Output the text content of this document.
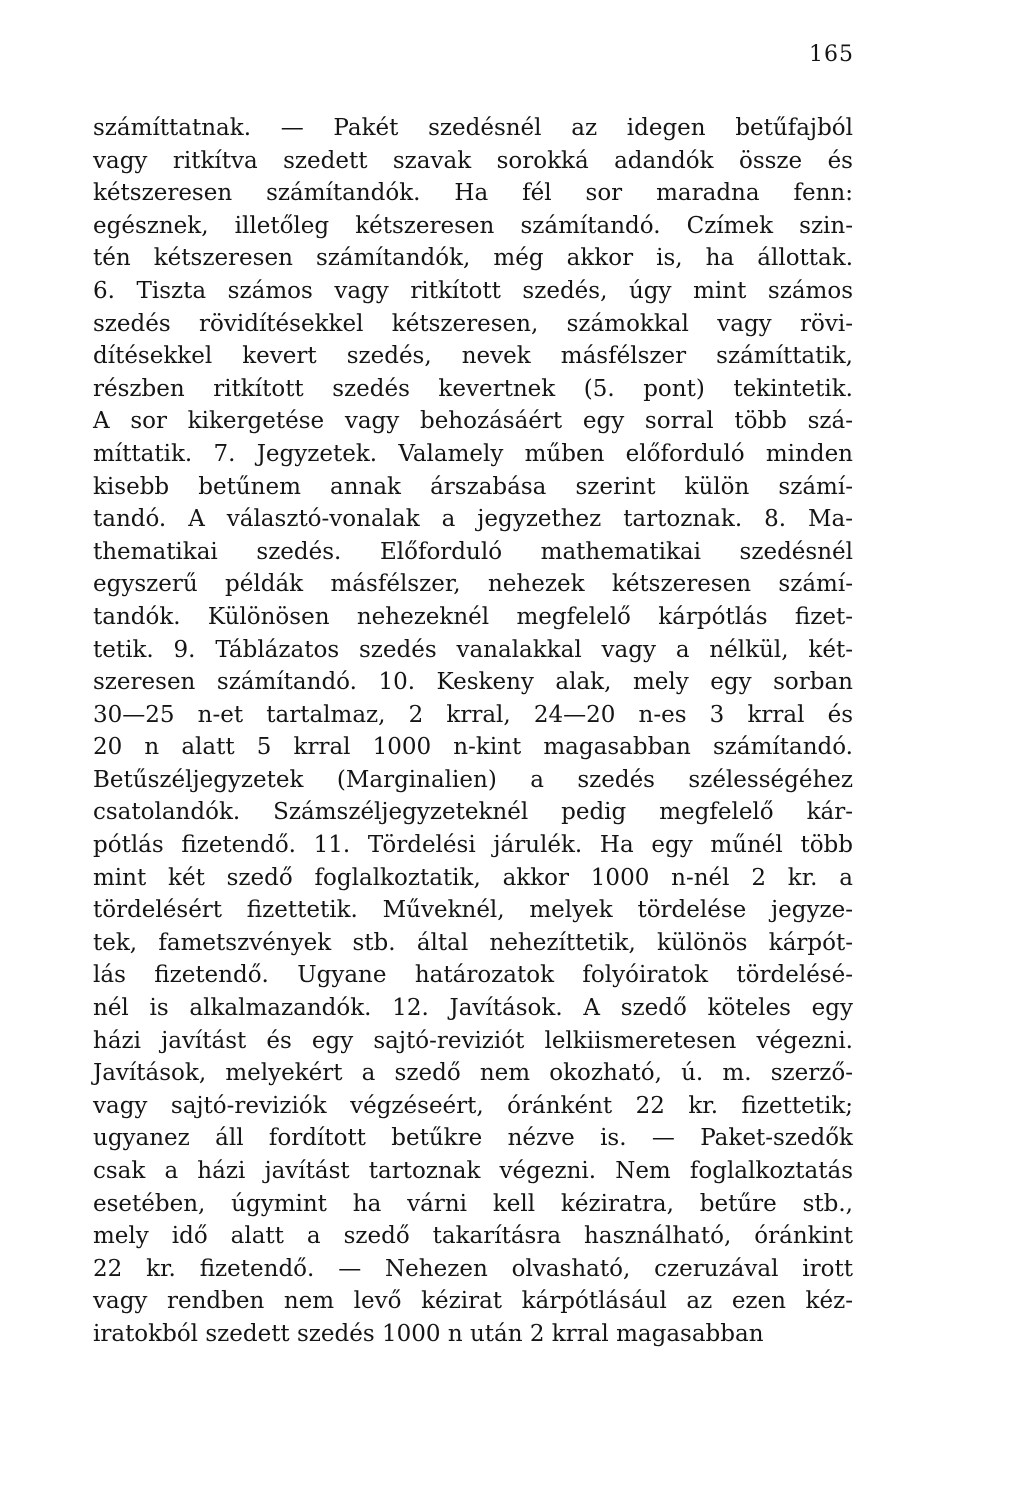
165
számíttatnak. — Pakét szedésnél az idegen betűfajból
vagy ritkítva szedett szavak sorokká adandók össze és
kétszeresen számítandók. Ha fél sor maradna fenn:
egésznek, illetőleg kétszeresen számítandó. Czímek szin-
tén kétszeresen számítandók, még akkor is, ha állottak.
6. Tiszta számos vagy ritkított szedés, úgy mint számos
szedés rövidítésekkel kétszeresen, számokkal vagy rövi-
dítésekkel kevert szedés, nevek másfélszer számíttatik,
részben ritkított szedés kevertnek (5. pont) tekintetik.
A sor kikergetése vagy behozásáért egy sorral több szá-
míttatik. 7. Jegyzetek. Valamely műben előforduló minden
kisebb betűnem annak árszabása szerint külön számí-
tandó. A választó-vonalak a jegyzethez tartoznak. 8. Ma-
thematikai szedés. Előforduló mathematikai szedésnél
egyszerű példák másfélszer, nehezek kétszeresen számí-
tandók. Különösen nehezeknél megfelelő kárpótlás fizet-
tetik. 9. Táblázatos szedés vanalakkal vagy a nélkül, két-
szeresen számítandó. 10. Keskeny alak, mely egy sorban
30—25 n-et tartalmaz, 2 krral, 24—20 n-es 3 krral és
20 n alatt 5 krral 1000 n-kint magasabban számítandó.
Betűszéljegyzetek (Marginalien) a szedés szélességéhez
csatolandók. Számszéljegyzeteknél pedig megfelelő kár-
pótlás fizetendő. 11. Tördelési járulék. Ha egy műnél több
mint két szedő foglalkoztatik, akkor 1000 n-nél 2 kr. a
tördelésért fizettetik. Műveknél, melyek tördelése jegyze-
tek, fametszvények stb. által nehezíttetik, különös kárpót-
lás fizetendő. Ugyane határozatok folyóiratok tördelésé-
nél is alkalmazandók. 12. Javítások. A szedő köteles egy
házi javítást és egy sajtó-reviziót lelkiismeretesen végezni.
Javítások, melyekért a szedő nem okozható, ú. m. szerző-
vagy sajtó-reviziók végzéseért, óránként 22 kr. fizettetik;
ugyanez áll fordított betűkre nézve is. — Paket-szedők
csak a házi javítást tartoznak végezni. Nem foglalkoztatás
esetében, úgymint ha várni kell kéziratra, betűre stb.,
mely idő alatt a szedő takarításra használható, óránkint
22 kr. fizetendő. — Nehezen olvasható, czeruzával irott
vagy rendben nem levő kézirat kárpótlásául az ezen kéz-
iratokból szedett szedés 1000 n után 2 krral magasabban
